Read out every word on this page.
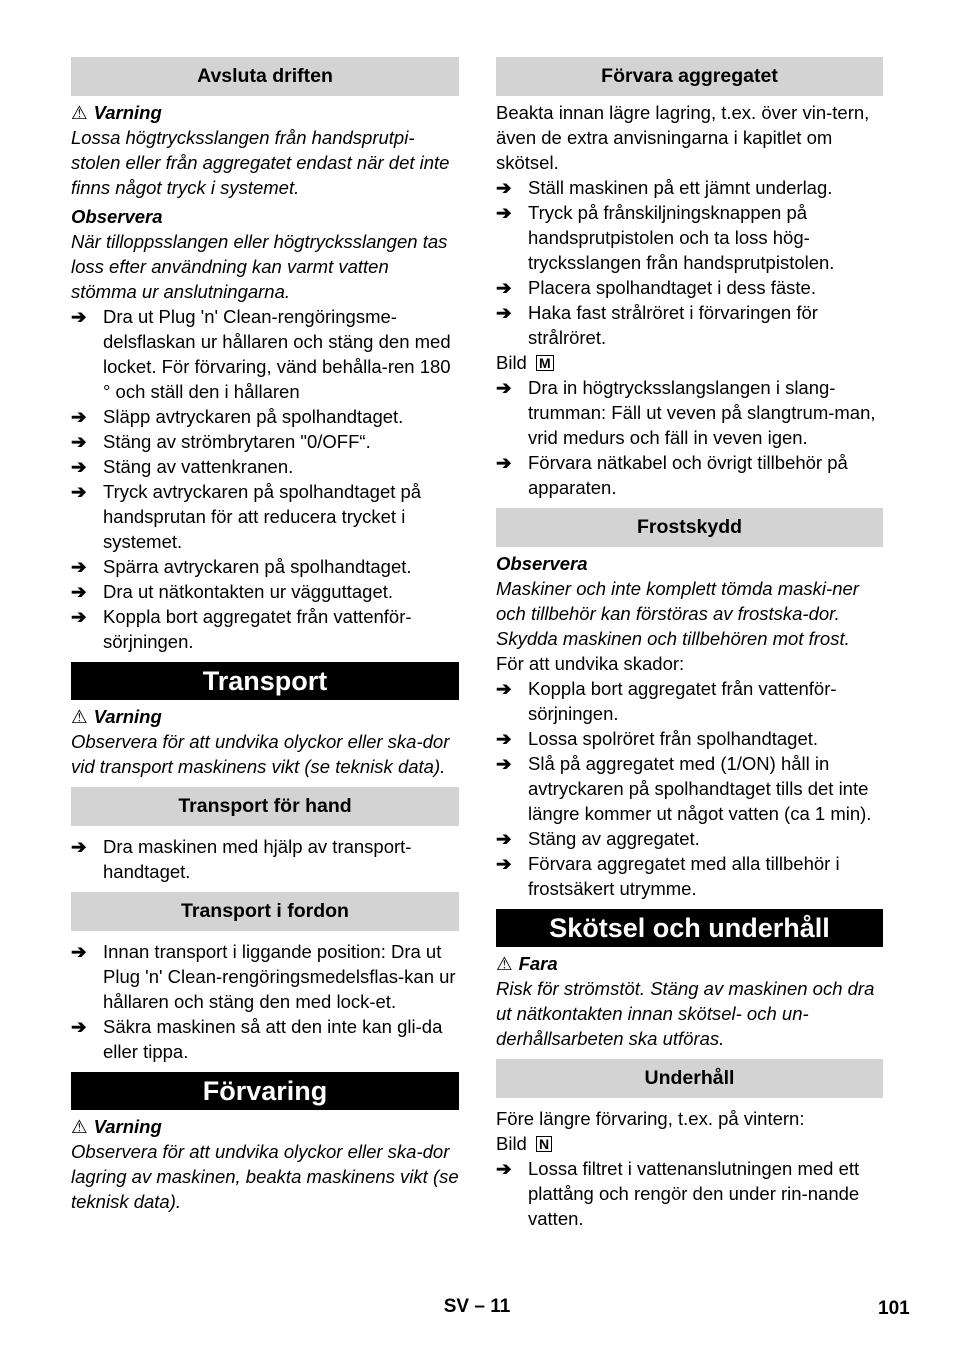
Avsluta driften
⚠ Varning
Lossa högtrycksslangen från handsprutpi-stolen eller från aggregatet endast när det inte finns något tryck i systemet.
Observera
När tilloppsslangen eller högtrycksslangen tas loss efter användning kan varmt vatten stömma ur anslutningarna.
➔ Dra ut Plug 'n' Clean-rengöringsme-delsflaskan ur hållaren och stäng den med locket. För förvaring, vänd behålla-ren 180 ° och ställ den i hållaren
➔ Släpp avtryckaren på spolhandtaget.
➔ Stäng av strömbrytaren "0/OFF“.
➔ Stäng av vattenkranen.
➔ Tryck avtryckaren på spolhandtaget på handsprutan för att reducera trycket i systemet.
➔ Spärra avtryckaren på spolhandtaget.
➔ Dra ut nätkontakten ur vägguttaget.
➔ Koppla bort aggregatet från vattenför-sörjningen.
Transport
⚠ Varning
Observera för att undvika olyckor eller ska-dor vid transport maskinens vikt (se teknisk data).
Transport för hand
➔ Dra maskinen med hjälp av transport-handtaget.
Transport i fordon
➔ Innan transport i liggande position: Dra ut Plug 'n' Clean-rengöringsmedelsflas-kan ur hållaren och stäng den med lock-et.
➔ Säkra maskinen så att den inte kan gli-da eller tippa.
Förvaring
⚠ Varning
Observera för att undvika olyckor eller ska-dor lagring av maskinen, beakta maskinens vikt (se teknisk data).
Förvara aggregatet
Beakta innan lägre lagring, t.ex. över vin-tern, även de extra anvisningarna i kapitlet om skötsel.
➔ Ställ maskinen på ett jämnt underlag.
➔ Tryck på frånskiljningsknappen på handsprutpistolen och ta loss hög-trycksslangen från handsprutpistolen.
➔ Placera spolhandtaget i dess fäste.
➔ Haka fast strålröret i förvaringen för strålröret.
Bild M
➔ Dra in högtrycksslangslangen i slang-trumman: Fäll ut veven på slangtrum-man, vrid medurs och fäll in veven igen.
➔ Förvara nätkabel och övrigt tillbehör på apparaten.
Frostskydd
Observera
Maskiner och inte komplett tömda maski-ner och tillbehör kan förstöras av frostska-dor. Skydda maskinen och tillbehören mot frost.
För att undvika skador:
➔ Koppla bort aggregatet från vattenför-sörjningen.
➔ Lossa spolröret från spolhandtaget.
➔ Slå på aggregatet med (1/ON) håll in avtryckaren på spolhandtaget tills det inte längre kommer ut något vatten (ca 1 min).
➔ Stäng av aggregatet.
➔ Förvara aggregatet med alla tillbehör i frostsäkert utrymme.
Skötsel och underhåll
⚠ Fara
Risk för strömstöt. Stäng av maskinen och dra ut nätkontakten innan skötsel- och un-derhållsarbeten ska utföras.
Underhåll
Före längre förvaring, t.ex. på vintern:
Bild N
➔ Lossa filtret i vattenanslutningen med ett plattång och rengör den under rin-nande vatten.
SV – 11	101
